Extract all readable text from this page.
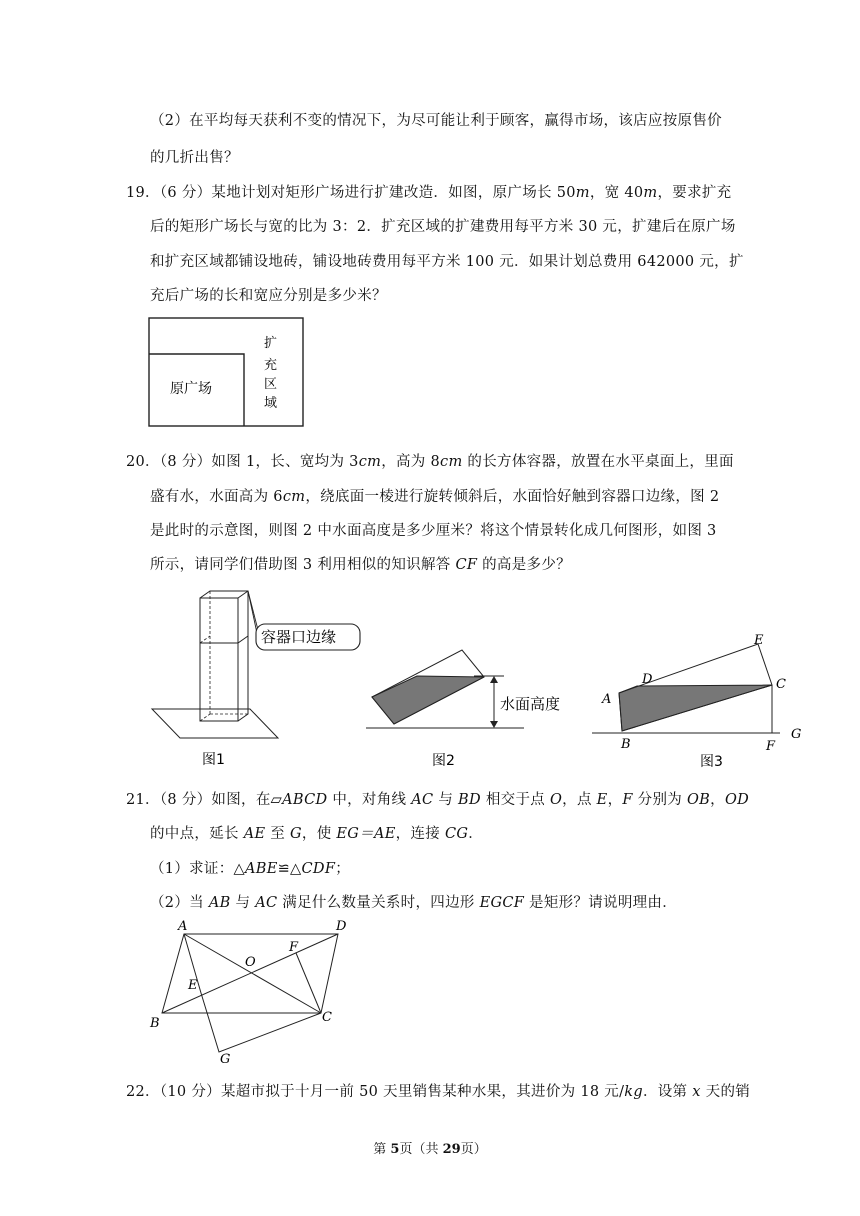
（2）在平均每天获利不变的情况下，为尽可能让利于顾客，赢得市场，该店应按原售价
的几折出售？
19．（6 分）某地计划对矩形广场进行扩建改造．如图，原广场长 50m，宽 40m，要求扩充
后的矩形广场长与宽的比为 3：2．扩充区域的扩建费用每平方米 30 元，扩建后在原广场
和扩充区域都铺设地砖，铺设地砖费用每平方米 100 元．如果计划总费用 642000 元，扩
充后广场的长和宽应分别是多少米？
原广场
扩
充
区
域
20．（8 分）如图 1，长、宽均为 3cm，高为 8cm 的长方体容器，放置在水平桌面上，里面
盛有水，水面高为 6cm，绕底面一棱进行旋转倾斜后，水面恰好触到容器口边缘，图 2
是此时的示意图，则图 2 中水面高度是多少厘米？将这个情景转化成几何图形，如图 3
所示，请同学们借助图 3 利用相似的知识解答 CF 的高是多少？
容器口边缘
图1
水面高度
图2
A
B
C
D
E
F
G
图3
21．（8 分）如图，在▱ABCD 中，对角线 AC 与 BD 相交于点 O，点 E，F 分别为 OB，OD
的中点，延长 AE 至 G，使 EG＝AE，连接 CG．
（1）求证：△ABE≌△CDF；
（2）当 AB 与 AC 满足什么数量关系时，四边形 EGCF 是矩形？请说明理由．
A
B	C
D
O
E
F
G
22．（10 分）某超市拟于十月一前 50 天里销售某种水果，其进价为 18 元/kg．设第 x 天的销
第 5页（共 29页）
